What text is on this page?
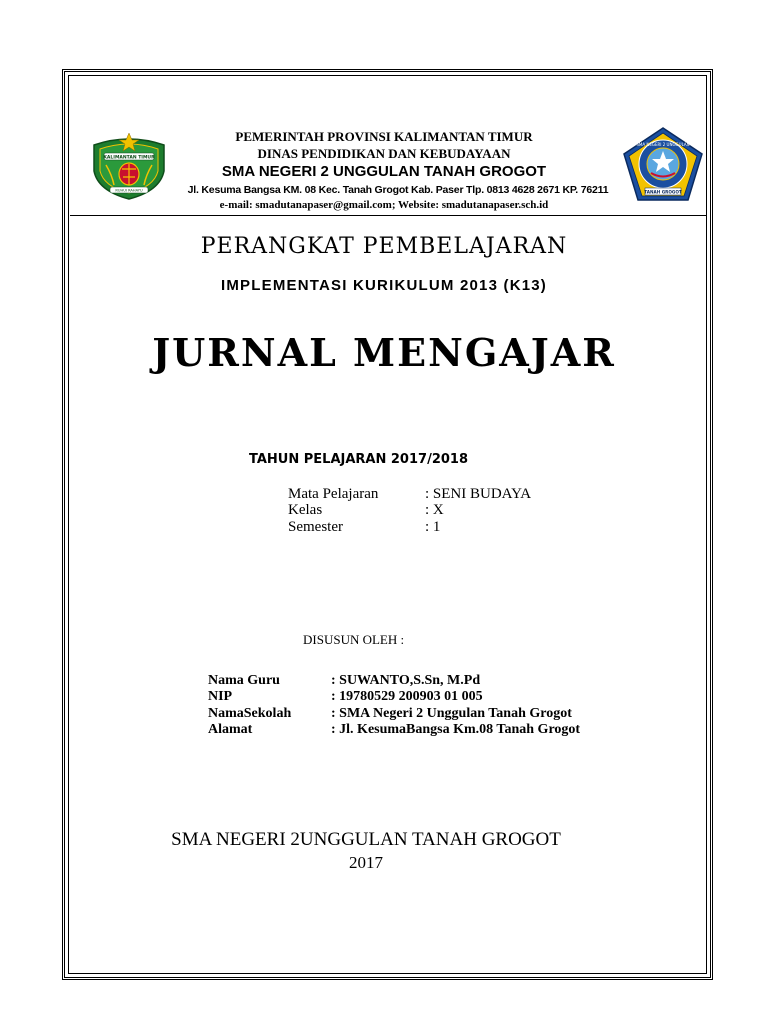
KALIMANTAN TIMUR
RUHUI RAHAYU
SMA NEGERI 2 UNGGULAN
TANAH GROGOT
PEMERINTAH PROVINSI KALIMANTAN TIMUR
DINAS PENDIDIKAN DAN KEBUDAYAAN
SMA NEGERI 2 UNGGULAN TANAH GROGOT
Jl. Kesuma Bangsa KM. 08 Kec. Tanah Grogot Kab. Paser Tlp. 0813 4628 2671 KP. 76211
e-mail: smadutanapaser@gmail.com; Website: smadutanapaser.sch.id
PERANGKAT PEMBELAJARAN
IMPLEMENTASI KURIKULUM 2013 (K13)
JURNAL MENGAJAR
TAHUN PELAJARAN 2017/2018
Mata Pelajaran	: SENI BUDAYA
Kelas	: X
Semester	: 1
DISUSUN OLEH :
Nama Guru	: SUWANTO,S.Sn, M.Pd
NIP	: 19780529 200903 01 005
NamaSekolah	: SMA Negeri 2 Unggulan Tanah Grogot
Alamat	: Jl. KesumaBangsa Km.08 Tanah Grogot
SMA NEGERI 2UNGGULAN TANAH GROGOT
2017
